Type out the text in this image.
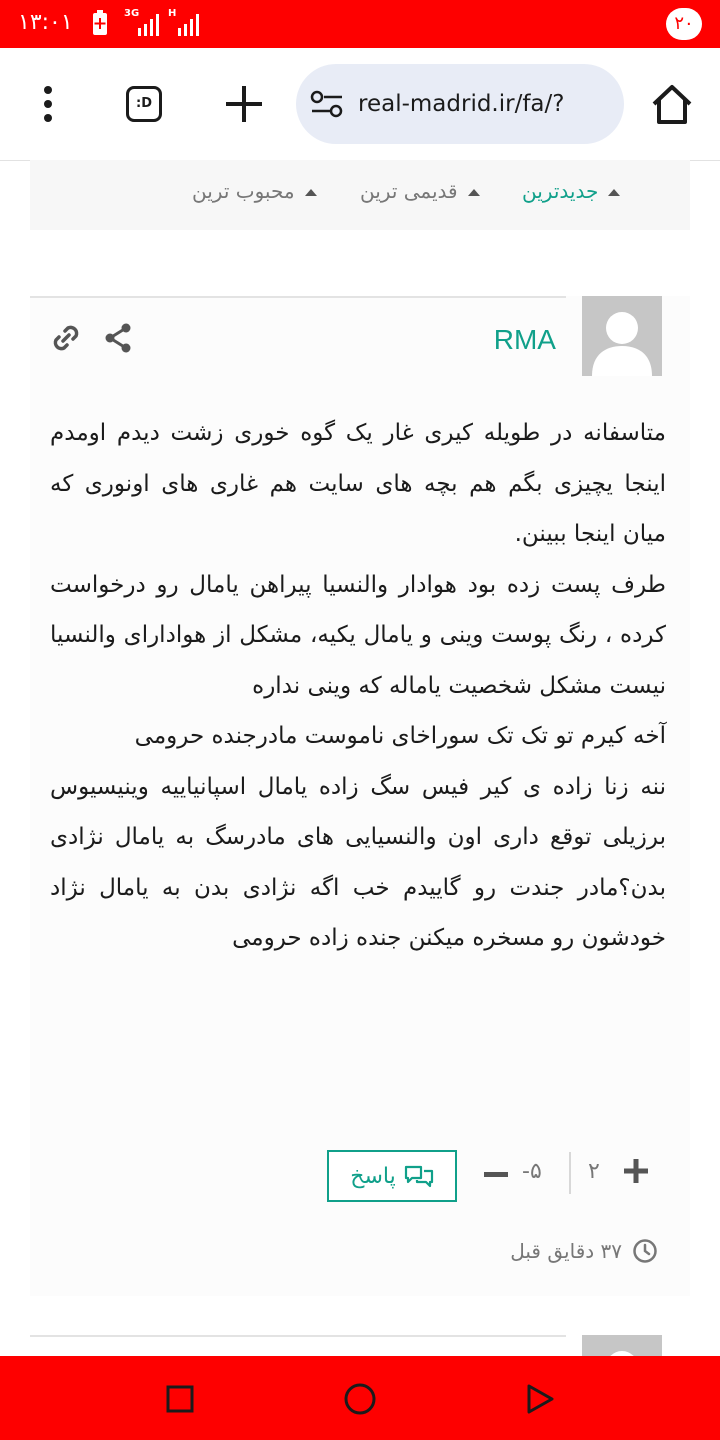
۱۳:۰۱	3G	H	۲۰
:D	real-madrid.ir/fa/?
جدیدترین
قدیمی ترین
محبوب ترین
RMA

متاسفانه در طویله کیری غار یک گوه خوری زشت دیدم اومدم اینجا یچیزی بگم هم بچه های سایت هم غاری های اونوری که میان اینجا ببینن.

طرف پست زده بود هوادار والنسیا پیراهن یامال رو درخواست کرده ، رنگ پوست وینی و یامال یکیه، مشکل از هوادارای والنسیا نیست مشکل شخصیت یاماله که وینی نداره

آخه کیرم تو تک تک سوراخای ناموست مادرجنده حرومی

ننه زنا زاده ی کیر فیس سگ زاده یامال اسپانیاییه وینیسیوس برزیلی توقع داری اون والنسیایی های مادرسگ به یامال نژادی بدن؟مادر جندت رو گاییدم خب اگه نژادی بدن به یامال نژاد خودشون رو مسخره میکنن جنده زاده حرومی

پاسخ	-۵ ۲
۳۷ دقایق قبل
